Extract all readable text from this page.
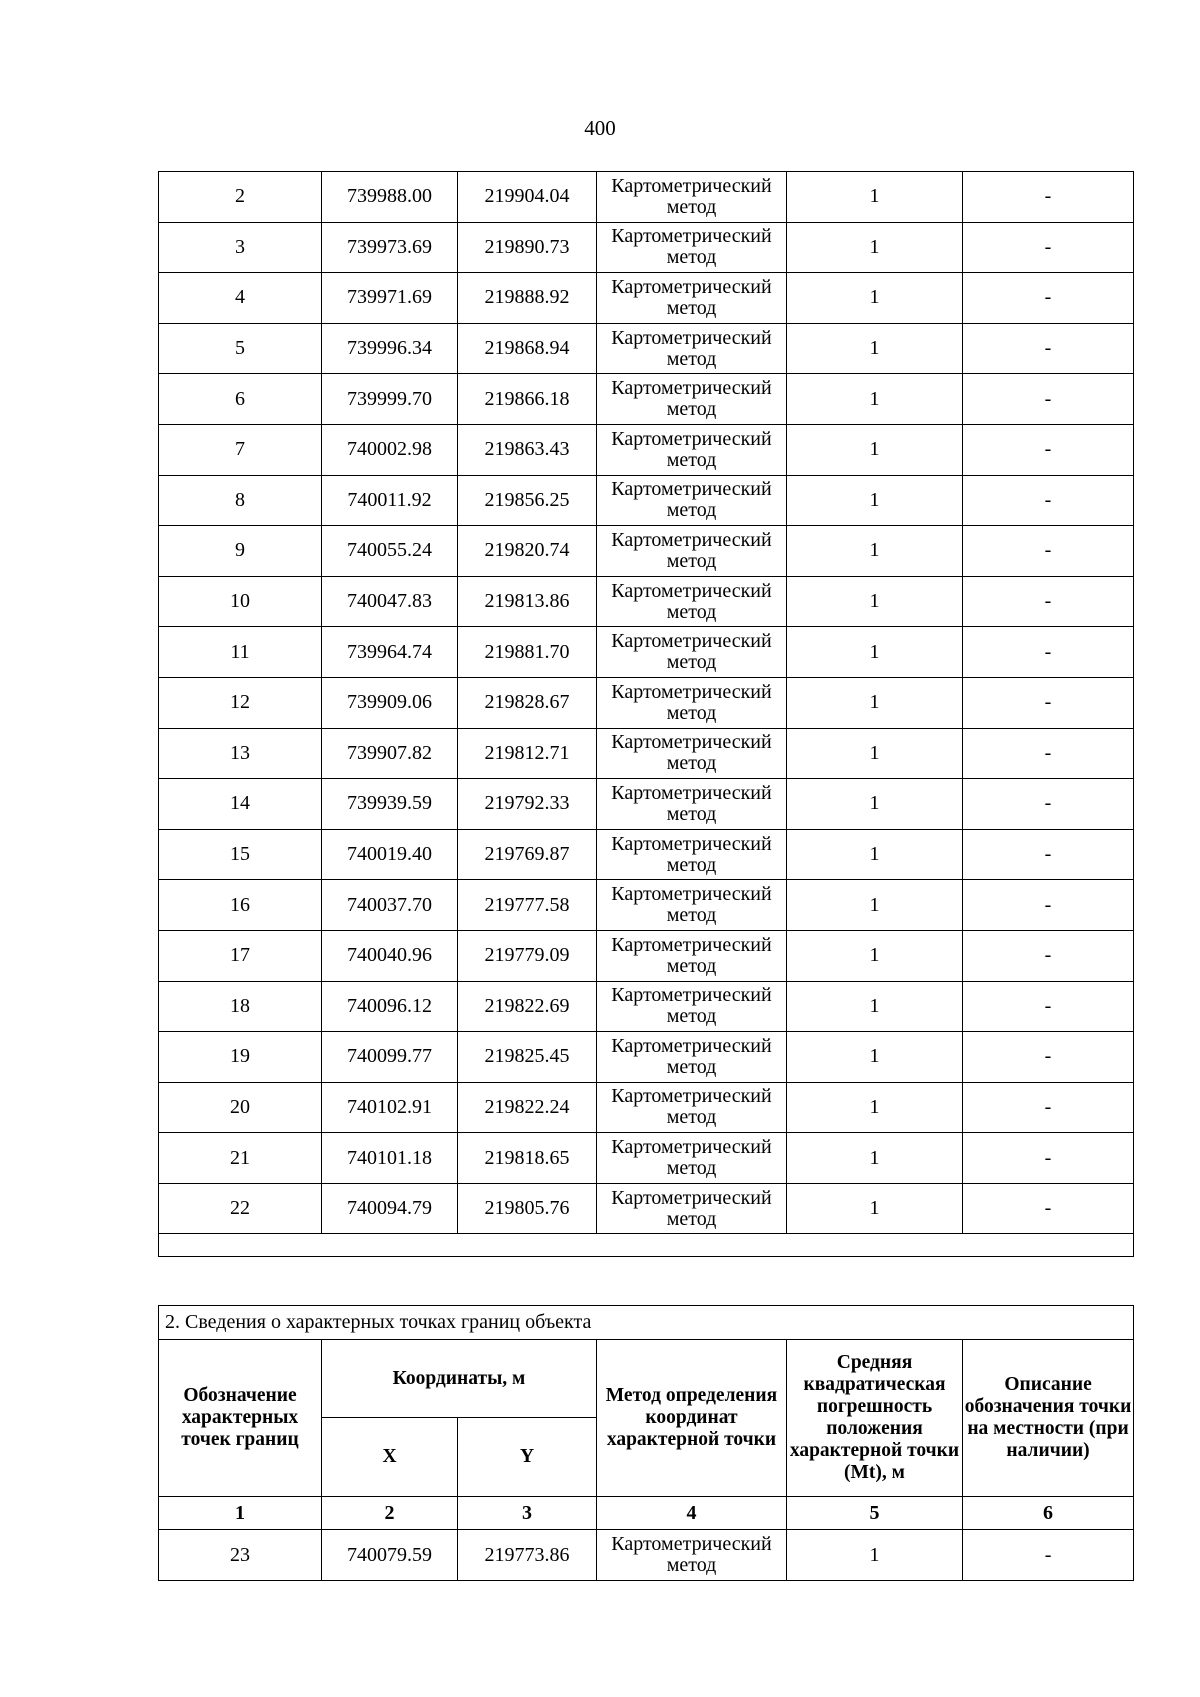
400
2	739988.00	219904.04	Картометрический метод	1	-
3	739973.69	219890.73	Картометрический метод	1	-
4	739971.69	219888.92	Картометрический метод	1	-
5	739996.34	219868.94	Картометрический метод	1	-
6	739999.70	219866.18	Картометрический метод	1	-
7	740002.98	219863.43	Картометрический метод	1	-
8	740011.92	219856.25	Картометрический метод	1	-
9	740055.24	219820.74	Картометрический метод	1	-
10	740047.83	219813.86	Картометрический метод	1	-
11	739964.74	219881.70	Картометрический метод	1	-
12	739909.06	219828.67	Картометрический метод	1	-
13	739907.82	219812.71	Картометрический метод	1	-
14	739939.59	219792.33	Картометрический метод	1	-
15	740019.40	219769.87	Картометрический метод	1	-
16	740037.70	219777.58	Картометрический метод	1	-
17	740040.96	219779.09	Картометрический метод	1	-
18	740096.12	219822.69	Картометрический метод	1	-
19	740099.77	219825.45	Картометрический метод	1	-
20	740102.91	219822.24	Картометрический метод	1	-
21	740101.18	219818.65	Картометрический метод	1	-
22	740094.79	219805.76	Картометрический метод	1	-

2. Сведения о характерных точках границ объекта					
Обозначение характерных точек границ	Координаты, м		Метод определения координат характерной точки	Средняя квадратическая погрешность положения характерной точки (Mt), м	Описание обозначения точки на местности (при наличии)
	X	Y			
1	2	3	4	5	6
23	740079.59	219773.86	Картометрический метод	1	-
